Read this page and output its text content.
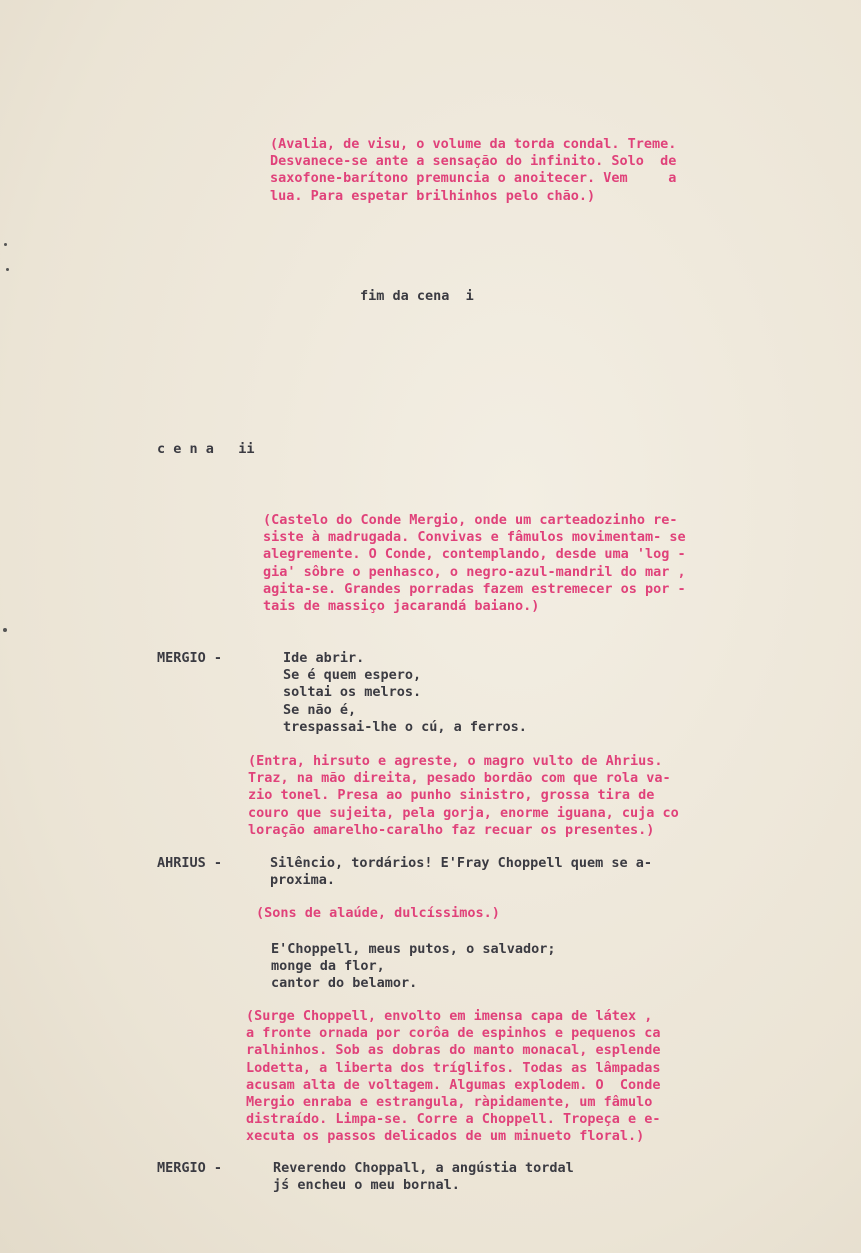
(Avalia, de visu, o volume da torda condal. Treme.
Desvanece-se ante a sensação do infinito. Solo  de
saxofone-barítono premuncia o anoitecer. Vem     a
lua. Para espetar brilhinhos pelo chão.)
fim da cena  i
c e n a   ii
(Castelo do Conde Mergio, onde um carteadozinho re-
siste à madrugada. Convivas e fâmulos movimentam- se
alegremente. O Conde, contemplando, desde uma 'log -
gia' sôbre o penhasco, o negro-azul-mandril do mar ,
agita-se. Grandes porradas fazem estremecer os por -
tais de massiço jacarandá baiano.)
MERGIO -	Ide abrir.
Se é quem espero,
soltai os melros.
Se não é,
trespassai-lhe o cú, a ferros.
(Entra, hirsuto e agreste, o magro vulto de Ahrius.
Traz, na mão direita, pesado bordão com que rola va-
zio tonel. Presa ao punho sinistro, grossa tira de
couro que sujeita, pela gorja, enorme iguana, cuja co
loração amarelho-caralho faz recuar os presentes.)
AHRIUS -	Silêncio, tordários! E'Fray Choppell quem se a-
proxima.
(Sons de alaúde, dulcíssimos.)
E'Choppell, meus putos, o salvador;
monge da flor,
cantor do belamor.
(Surge Choppell, envolto em imensa capa de látex ,
a fronte ornada por corôa de espinhos e pequenos ca
ralhinhos. Sob as dobras do manto monacal, esplende
Lodetta, a liberta dos tríglifos. Todas as lâmpadas
acusam alta de voltagem. Algumas explodem. O  Conde
Mergio enraba e estrangula, ràpidamente, um fâmulo
distraído. Limpa-se. Corre a Choppell. Tropeça e e-
xecuta os passos delicados de um minueto floral.)
MERGIO -	Reverendo Choppall, a angústia tordal
jś encheu o meu bornal.
